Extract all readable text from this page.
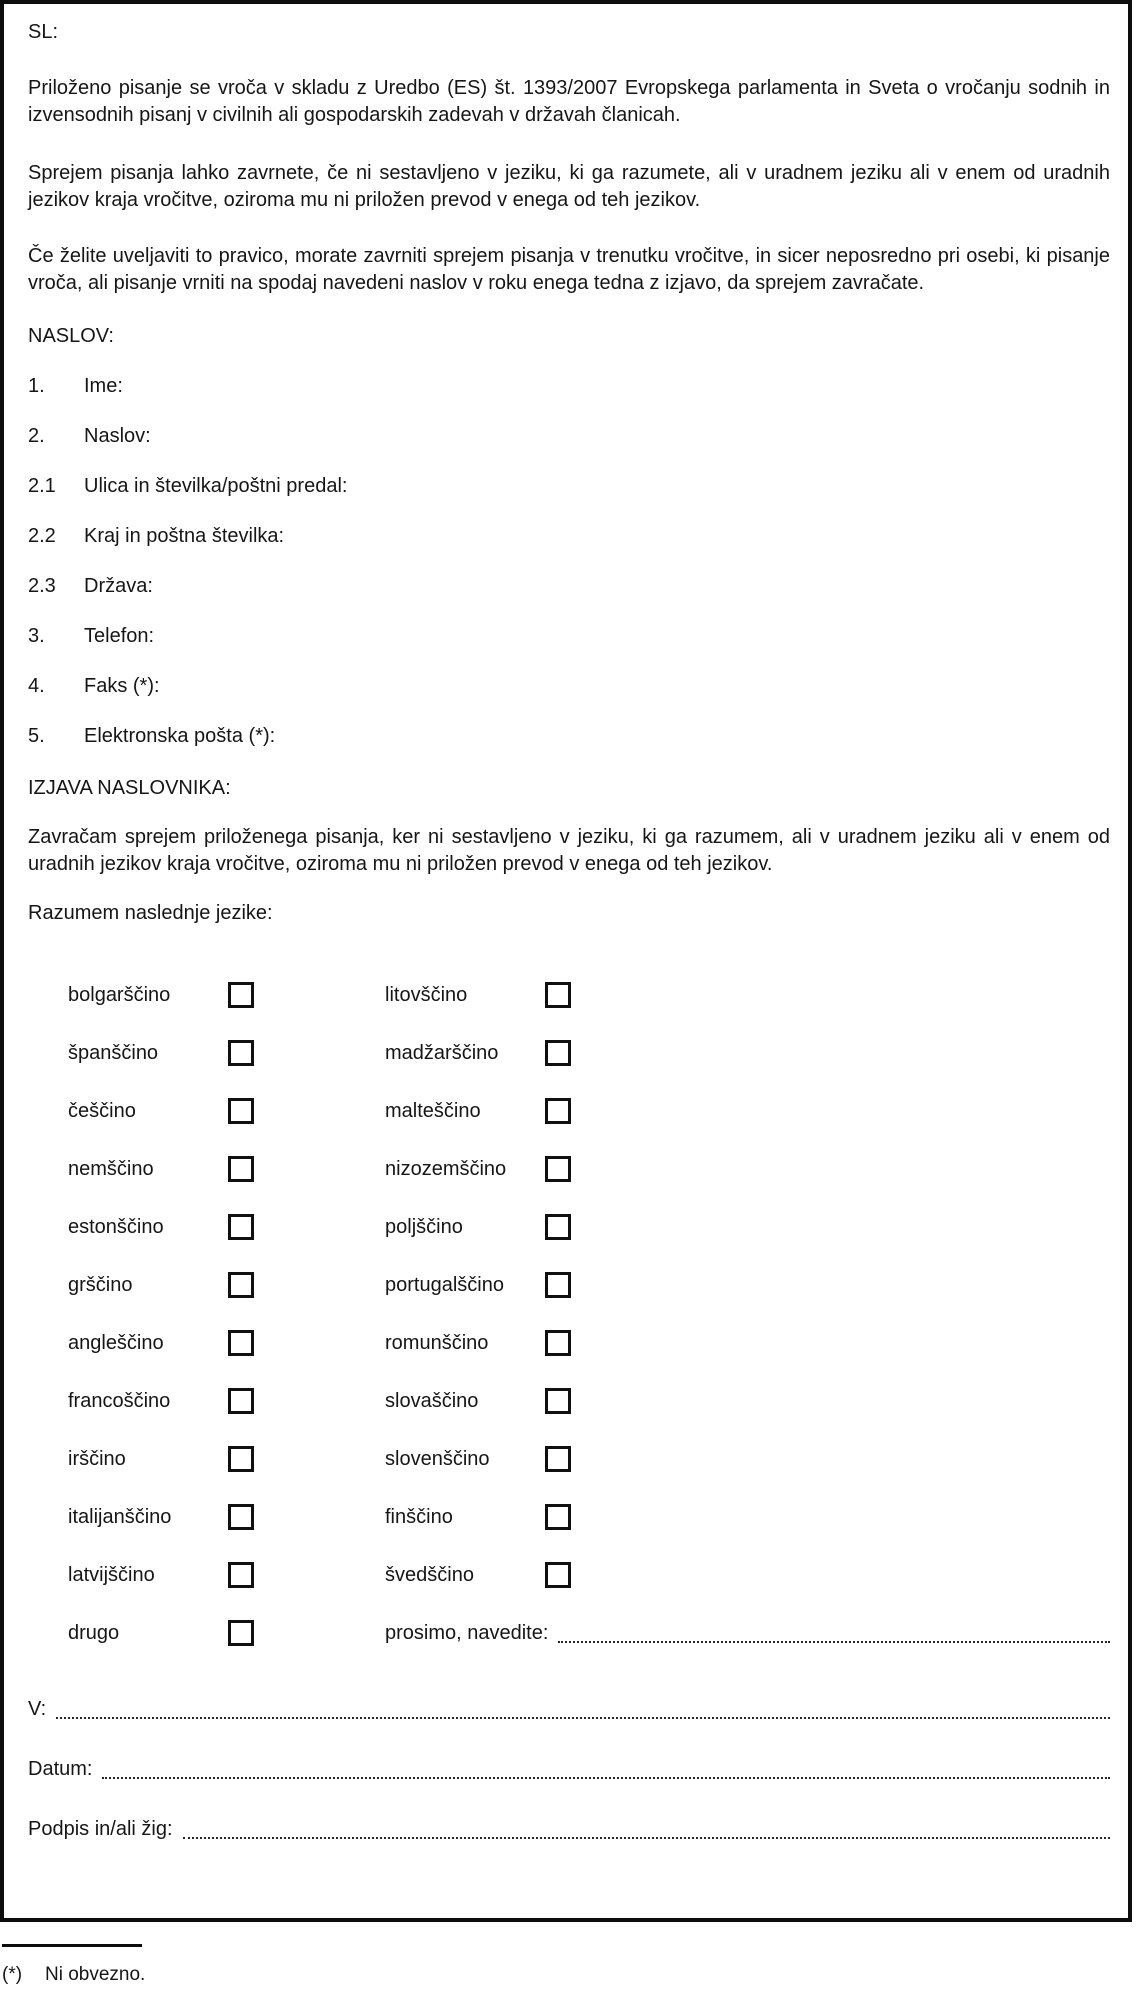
SL:

Priloženo pisanje se vroča v skladu z Uredbo (ES) št. 1393/2007 Evropskega parlamenta in Sveta o vročanju sodnih in izvensodnih pisanj v civilnih ali gospodarskih zadevah v državah članicah.

Sprejem pisanja lahko zavrnete, če ni sestavljeno v jeziku, ki ga razumete, ali v uradnem jeziku ali v enem od uradnih jezikov kraja vročitve, oziroma mu ni priložen prevod v enega od teh jezikov.

Če želite uveljaviti to pravico, morate zavrniti sprejem pisanja v trenutku vročitve, in sicer neposredno pri osebi, ki pisanje vroča, ali pisanje vrniti na spodaj navedeni naslov v roku enega tedna z izjavo, da sprejem zavračate.

NASLOV:

1.	Ime:
2.	Naslov:
2.1	Ulica in številka/poštni predal:
2.2	Kraj in poštna številka:
2.3	Država:
3.	Telefon:
4.	Faks (*):
5.	Elektronska pošta (*):

IZJAVA NASLOVNIKA:

Zavračam sprejem priloženega pisanja, ker ni sestavljeno v jeziku, ki ga razumem, ali v uradnem jeziku ali v enem od uradnih jezikov kraja vročitve, oziroma mu ni priložen prevod v enega od teh jezikov.

Razumem naslednje jezike:

bolgarščino	litovščino
španščino	madžarščino
češčino	malteščino
nemščino	nizozemščino
estonščino	poljščino
grščino	portugalščino
angleščino	romunščino
francoščino	slovaščino
irščino	slovenščino
italijanščino	finščino
latvijščino	švedščino
drugo	prosimo, navedite:
V:
Datum:
Podpis in/ali žig:
(*)	Ni obvezno.
